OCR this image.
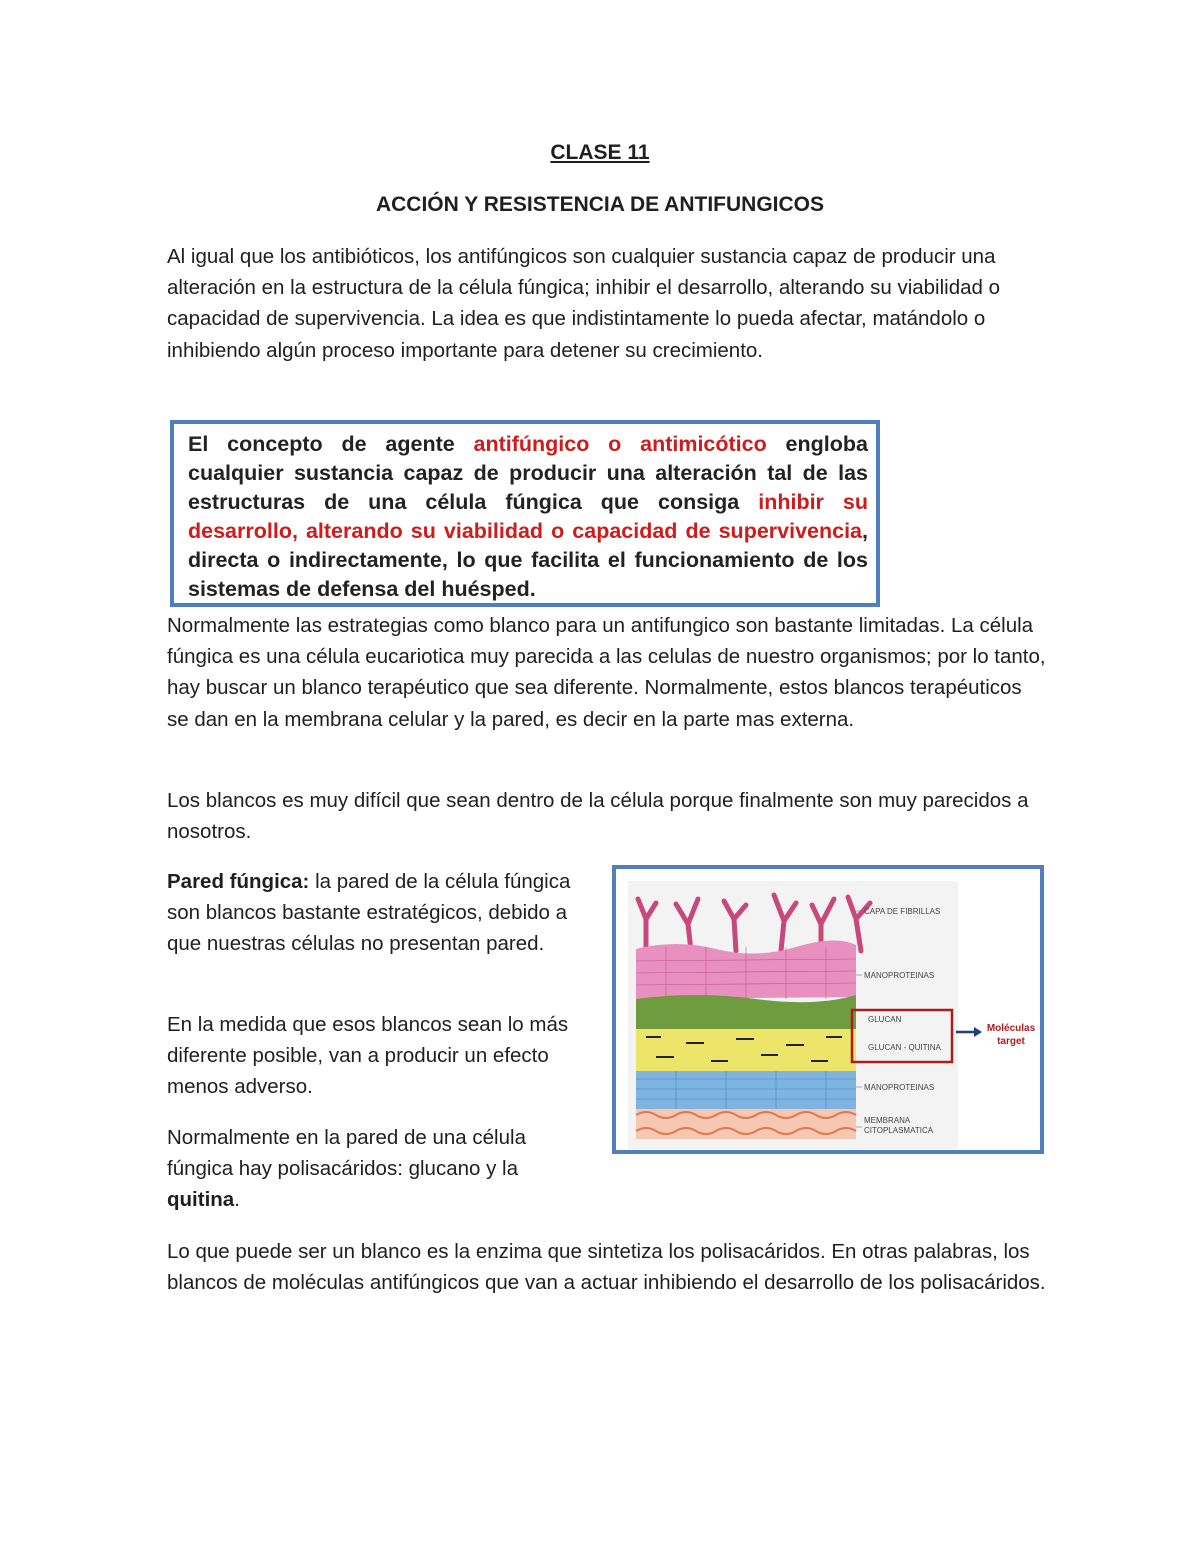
CLASE 11
ACCIÓN Y RESISTENCIA DE ANTIFUNGICOS

Al igual que los antibióticos, los antifúngicos son cualquier sustancia capaz de producir una alteración en la estructura de la célula fúngica; inhibir el desarrollo, alterando su viabilidad o capacidad de supervivencia. La idea es que indistintamente lo pueda afectar, matándolo o inhibiendo algún proceso importante para detener su crecimiento.

El concepto de agente antifúngico o antimicótico engloba cualquier sustancia capaz de producir una alteración tal de las estructuras de una célula fúngica que consiga inhibir su desarrollo, alterando su viabilidad o capacidad de supervivencia, directa o indirectamente, lo que facilita el funcionamiento de los sistemas de defensa del huésped.

Normalmente las estrategias como blanco para un antifungico son bastante limitadas. La célula fúngica es una célula eucariotica muy parecida a las celulas de nuestro organismos; por lo tanto, hay buscar un blanco terapéutico que sea diferente. Normalmente, estos blancos terapéuticos se dan en la membrana celular y la pared, es decir en la parte mas externa.

Los blancos es muy difícil que sean dentro de la célula porque finalmente son muy parecidos a nosotros.

Pared fúngica: la pared de la célula fúngica son blancos bastante estratégicos, debido a que nuestras células no presentan pared.

En la medida que esos blancos sean lo más diferente posible, van a producir un efecto menos adverso.

Normalmente en la pared de una célula fúngica hay polisacáridos: glucano y la quitina.

Lo que puede ser un blanco es la enzima que sintetiza los polisacáridos. En otras palabras, los blancos de moléculas antifúngicos que van a actuar inhibiendo el desarrollo de los polisacáridos.

CAPA DE FIBRILLAS
MANOPROTEINAS
GLUCAN
GLUCAN - QUITINA
MANOPROTEINAS
MEMBRANA
CITOPLASMATICA
Moléculas
target
